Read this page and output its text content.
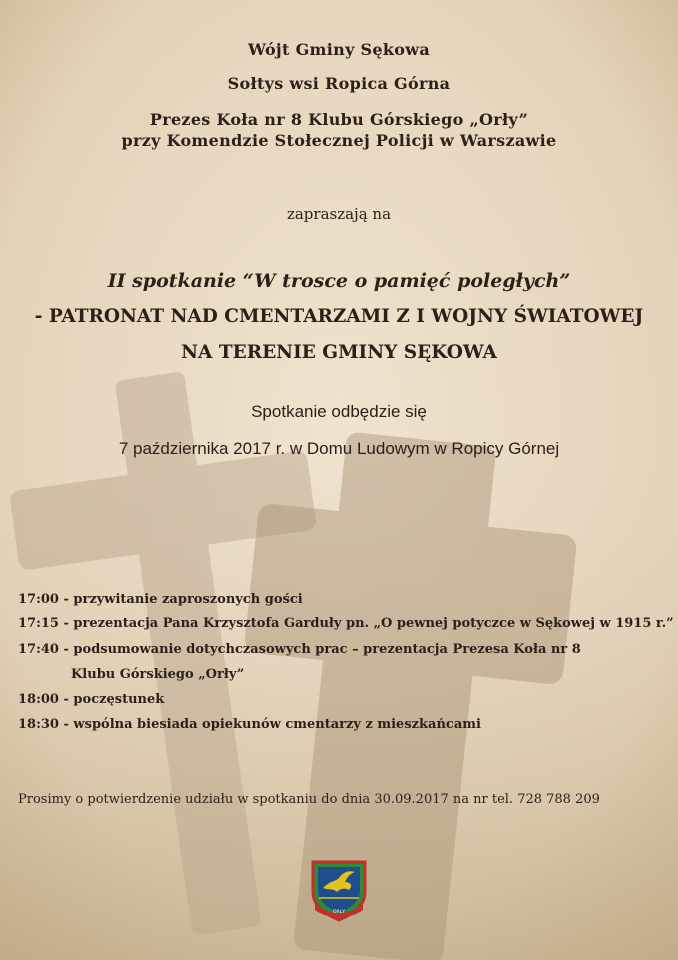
Wójt Gminy Sękowa
Sołtys wsi Ropica Górna
Prezes Koła nr 8 Klubu Górskiego „Orły”
przy Komendzie Stołecznej Policji w Warszawie
zapraszają na
II spotkanie “W trosce o pamięć poległych”
- PATRONAT NAD CMENTARZAMI Z I WOJNY ŚWIATOWEJ
NA TERENIE GMINY SĘKOWA
Spotkanie odbędzie się
7 października 2017 r. w Domu Ludowym w Ropicy Górnej
17:00 - przywitanie zaproszonych gości
17:15 - prezentacja Pana Krzysztofa Garduły pn. „O pewnej potyczce w Sękowej w 1915 r.”
17:40 - podsumowanie dotychczasowych prac – prezentacja Prezesa Koła nr 8
Klubu Górskiego „Orły”
18:00 - poczęstunek
18:30 - wspólna biesiada opiekunów cmentarzy z mieszkańcami
Prosimy o potwierdzenie udziału w spotkaniu do dnia 30.09.2017 na nr tel. 728 788 209
ORŁY
